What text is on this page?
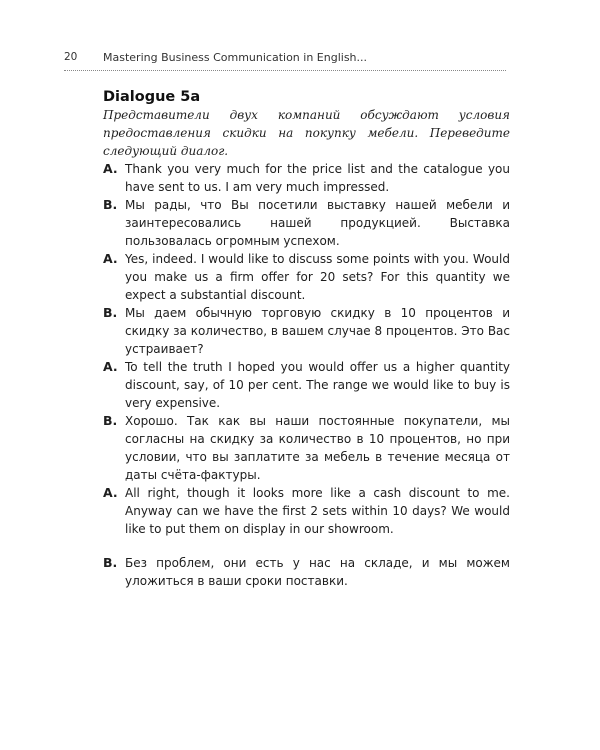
20 Mastering Business Communication in English...
Dialogue 5a

Представители двух компаний обсуждают условия предоставления скидки на покупку мебели. Переведите следующий диалог.

A. Thank you very much for the price list and the catalogue you have sent to us. I am very much impressed.
B. Мы рады, что Вы посетили выставку нашей мебели и заинтересовались нашей продукцией. Выставка пользовалась огромным успехом.
A. Yes, indeed. I would like to discuss some points with you. Would you make us a firm offer for 20 sets? For this quantity we expect a substantial discount.
B. Мы даем обычную торговую скидку в 10 процентов и скидку за количество, в вашем случае 8 процентов. Это Вас устраивает?
A. To tell the truth I hoped you would offer us a higher quantity discount, say, of 10 per cent. The range we would like to buy is very expensive.
B. Хорошо. Так как вы наши постоянные покупатели, мы согласны на скидку за количество в 10 процентов, но при условии, что вы заплатите за мебель в течение месяца от даты счёта-фактуры.
A. All right, though it looks more like a cash discount to me. Anyway can we have the first 2 sets within 10 days? We would like to put them on display in our showroom.
B. Без проблем, они есть у нас на складе, и мы можем уложиться в ваши сроки поставки.
